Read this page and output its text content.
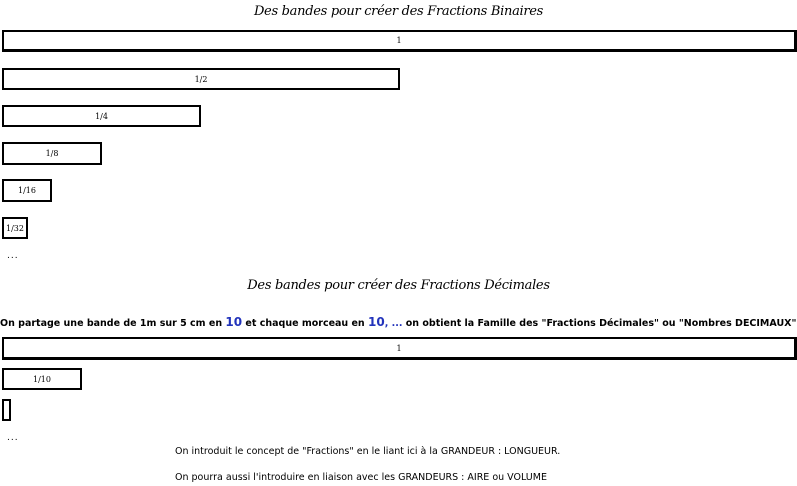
Des bandes pour créer des Fractions Binaires
1
1/2
1/4
1/8
1/16
1/32
...
Des bandes pour créer des Fractions Décimales
On partage une bande de 1m sur 5 cm en 10 et chaque morceau en 10, ... on obtient la Famille des "Fractions Décimales" ou "Nombres DECIMAUX"
1
1/10
...
On introduit le concept de "Fractions" en le liant ici à la GRANDEUR : LONGUEUR.
On pourra aussi l'introduire en liaison avec les GRANDEURS : AIRE ou VOLUME
